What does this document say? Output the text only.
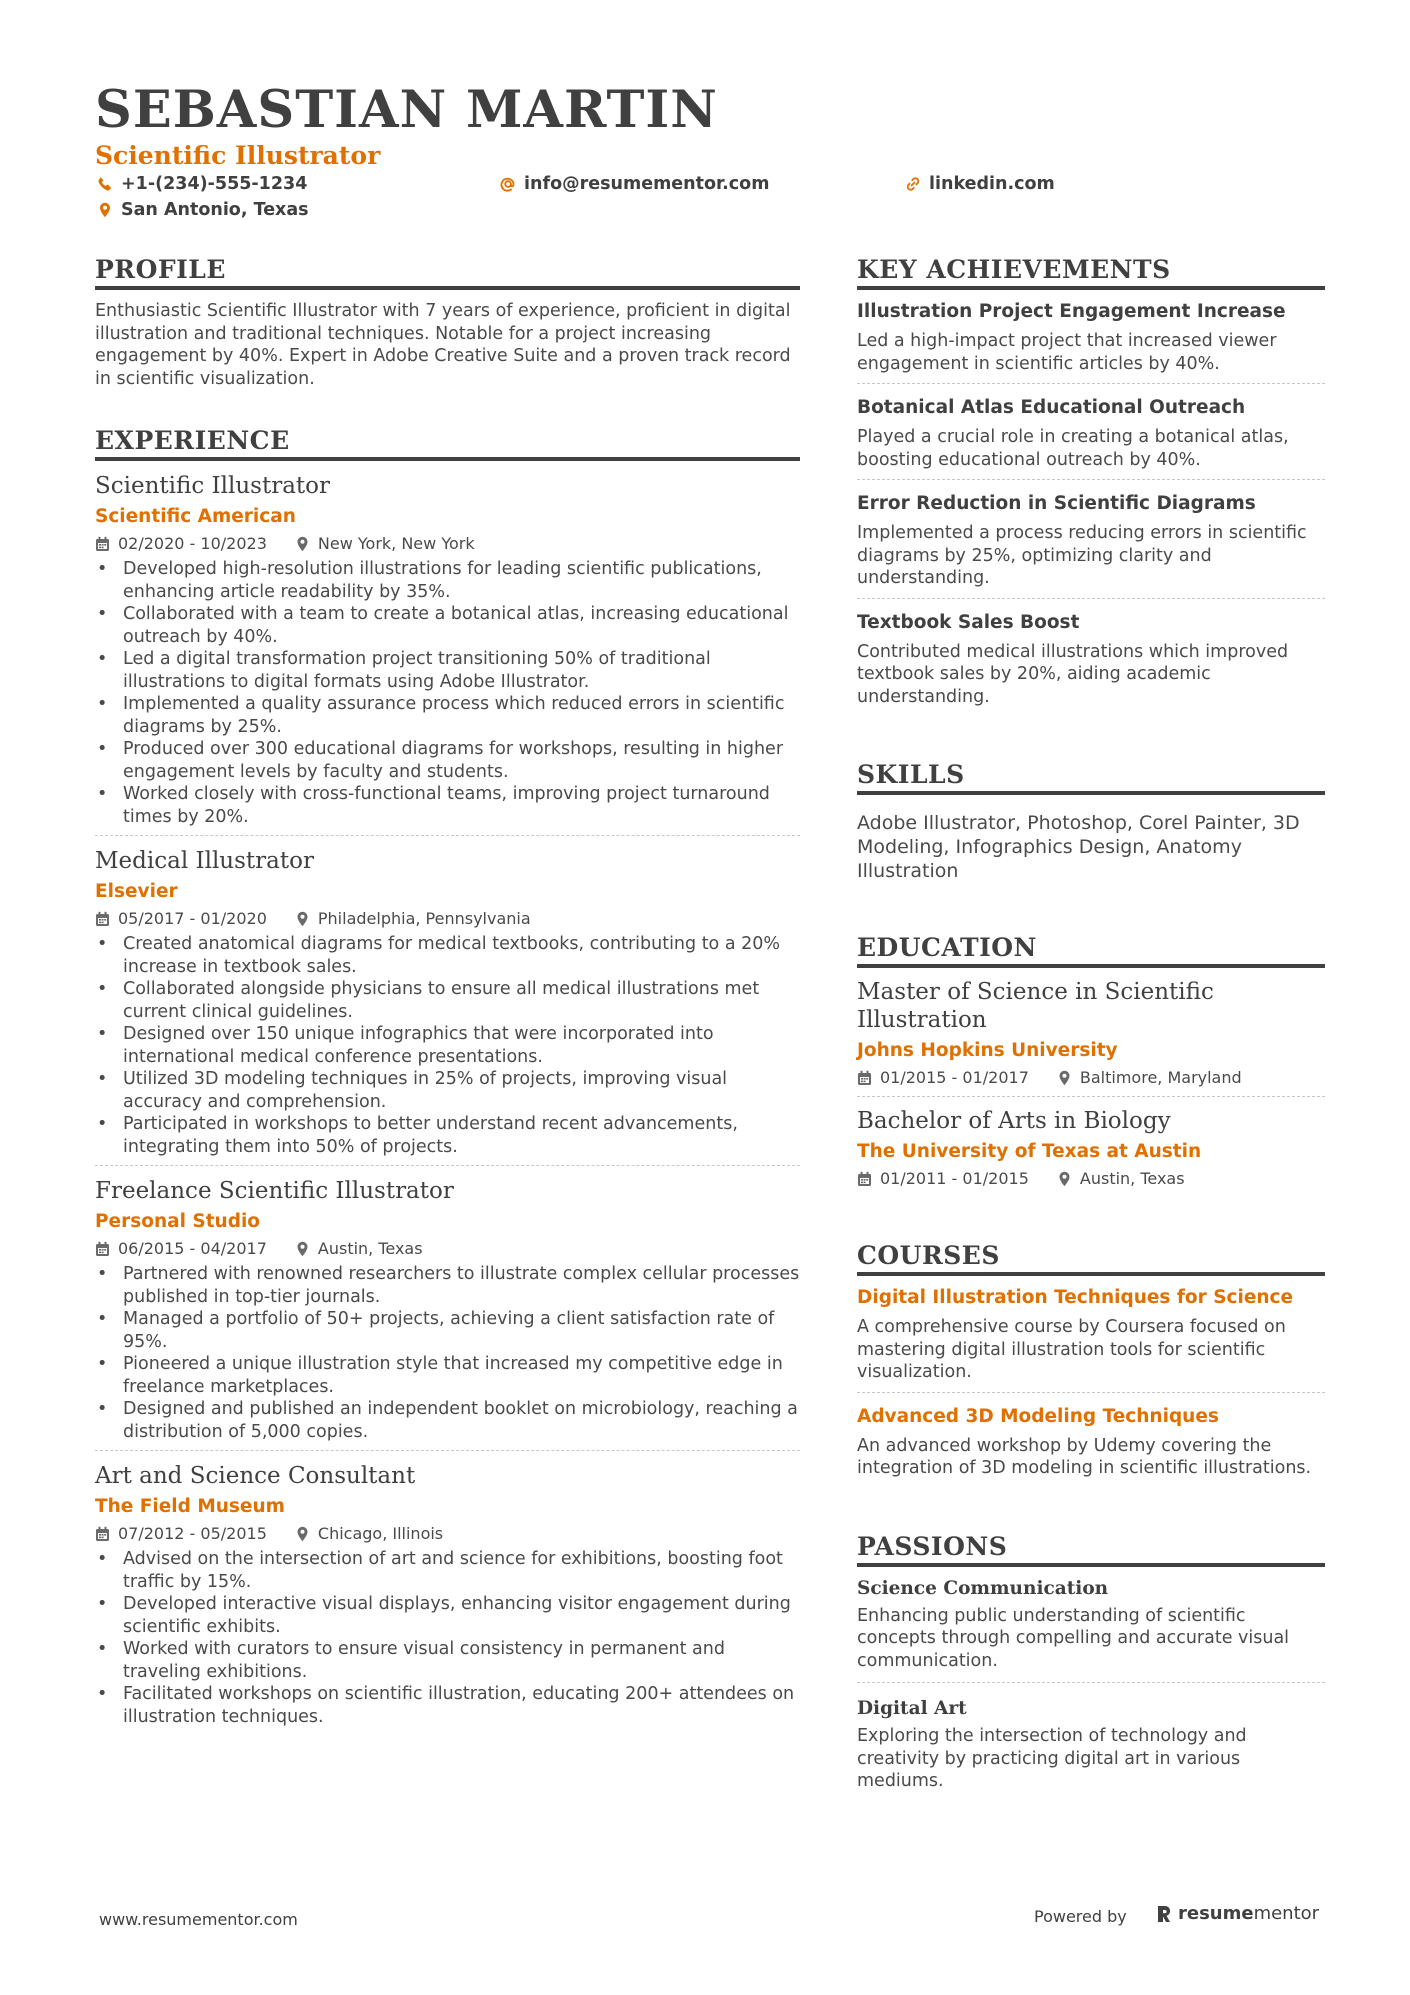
SEBASTIAN MARTIN
Scientific Illustrator
+1-(234)-555-1234	info@resumementor.com	linkedin.com
San Antonio, Texas
PROFILE

Enthusiastic Scientific Illustrator with 7 years of experience, proficient in digital illustration and traditional techniques. Notable for a project increasing engagement by 40%. Expert in Adobe Creative Suite and a proven track record in scientific visualization.

EXPERIENCE
Scientific Illustrator
Scientific American
02/2020 - 10/2023	New York, New York
• Developed high-resolution illustrations for leading scientific publications, enhancing article readability by 35%.
• Collaborated with a team to create a botanical atlas, increasing educational outreach by 40%.
• Led a digital transformation project transitioning 50% of traditional illustrations to digital formats using Adobe Illustrator.
• Implemented a quality assurance process which reduced errors in scientific diagrams by 25%.
• Produced over 300 educational diagrams for workshops, resulting in higher engagement levels by faculty and students.
• Worked closely with cross-functional teams, improving project turnaround times by 20%.
Medical Illustrator
Elsevier
05/2017 - 01/2020	Philadelphia, Pennsylvania
• Created anatomical diagrams for medical textbooks, contributing to a 20% increase in textbook sales.
• Collaborated alongside physicians to ensure all medical illustrations met current clinical guidelines.
• Designed over 150 unique infographics that were incorporated into international medical conference presentations.
• Utilized 3D modeling techniques in 25% of projects, improving visual accuracy and comprehension.
• Participated in workshops to better understand recent advancements, integrating them into 50% of projects.
Freelance Scientific Illustrator
Personal Studio
06/2015 - 04/2017	Austin, Texas
• Partnered with renowned researchers to illustrate complex cellular processes published in top-tier journals.
• Managed a portfolio of 50+ projects, achieving a client satisfaction rate of 95%.
• Pioneered a unique illustration style that increased my competitive edge in freelance marketplaces.
• Designed and published an independent booklet on microbiology, reaching a distribution of 5,000 copies.
Art and Science Consultant
The Field Museum
07/2012 - 05/2015	Chicago, Illinois
• Advised on the intersection of art and science for exhibitions, boosting foot traffic by 15%.
• Developed interactive visual displays, enhancing visitor engagement during scientific exhibits.
• Worked with curators to ensure visual consistency in permanent and traveling exhibitions.
• Facilitated workshops on scientific illustration, educating 200+ attendees on illustration techniques.
KEY ACHIEVEMENTS
Illustration Project Engagement Increase
Led a high-impact project that increased viewer engagement in scientific articles by 40%.
Botanical Atlas Educational Outreach
Played a crucial role in creating a botanical atlas, boosting educational outreach by 40%.
Error Reduction in Scientific Diagrams
Implemented a process reducing errors in scientific diagrams by 25%, optimizing clarity and understanding.
Textbook Sales Boost
Contributed medical illustrations which improved textbook sales by 20%, aiding academic understanding.
SKILLS
Adobe Illustrator, Photoshop, Corel Painter, 3D Modeling, Infographics Design, Anatomy Illustration
EDUCATION
Master of Science in Scientific Illustration
Johns Hopkins University
01/2015 - 01/2017	Baltimore, Maryland
Bachelor of Arts in Biology
The University of Texas at Austin
01/2011 - 01/2015	Austin, Texas
COURSES
Digital Illustration Techniques for Science
A comprehensive course by Coursera focused on mastering digital illustration tools for scientific visualization.
Advanced 3D Modeling Techniques
An advanced workshop by Udemy covering the integration of 3D modeling in scientific illustrations.
PASSIONS
Science Communication
Enhancing public understanding of scientific concepts through compelling and accurate visual communication.
Digital Art
Exploring the intersection of technology and creativity by practicing digital art in various mediums.
www.resumementor.com	Powered by	resumementor
